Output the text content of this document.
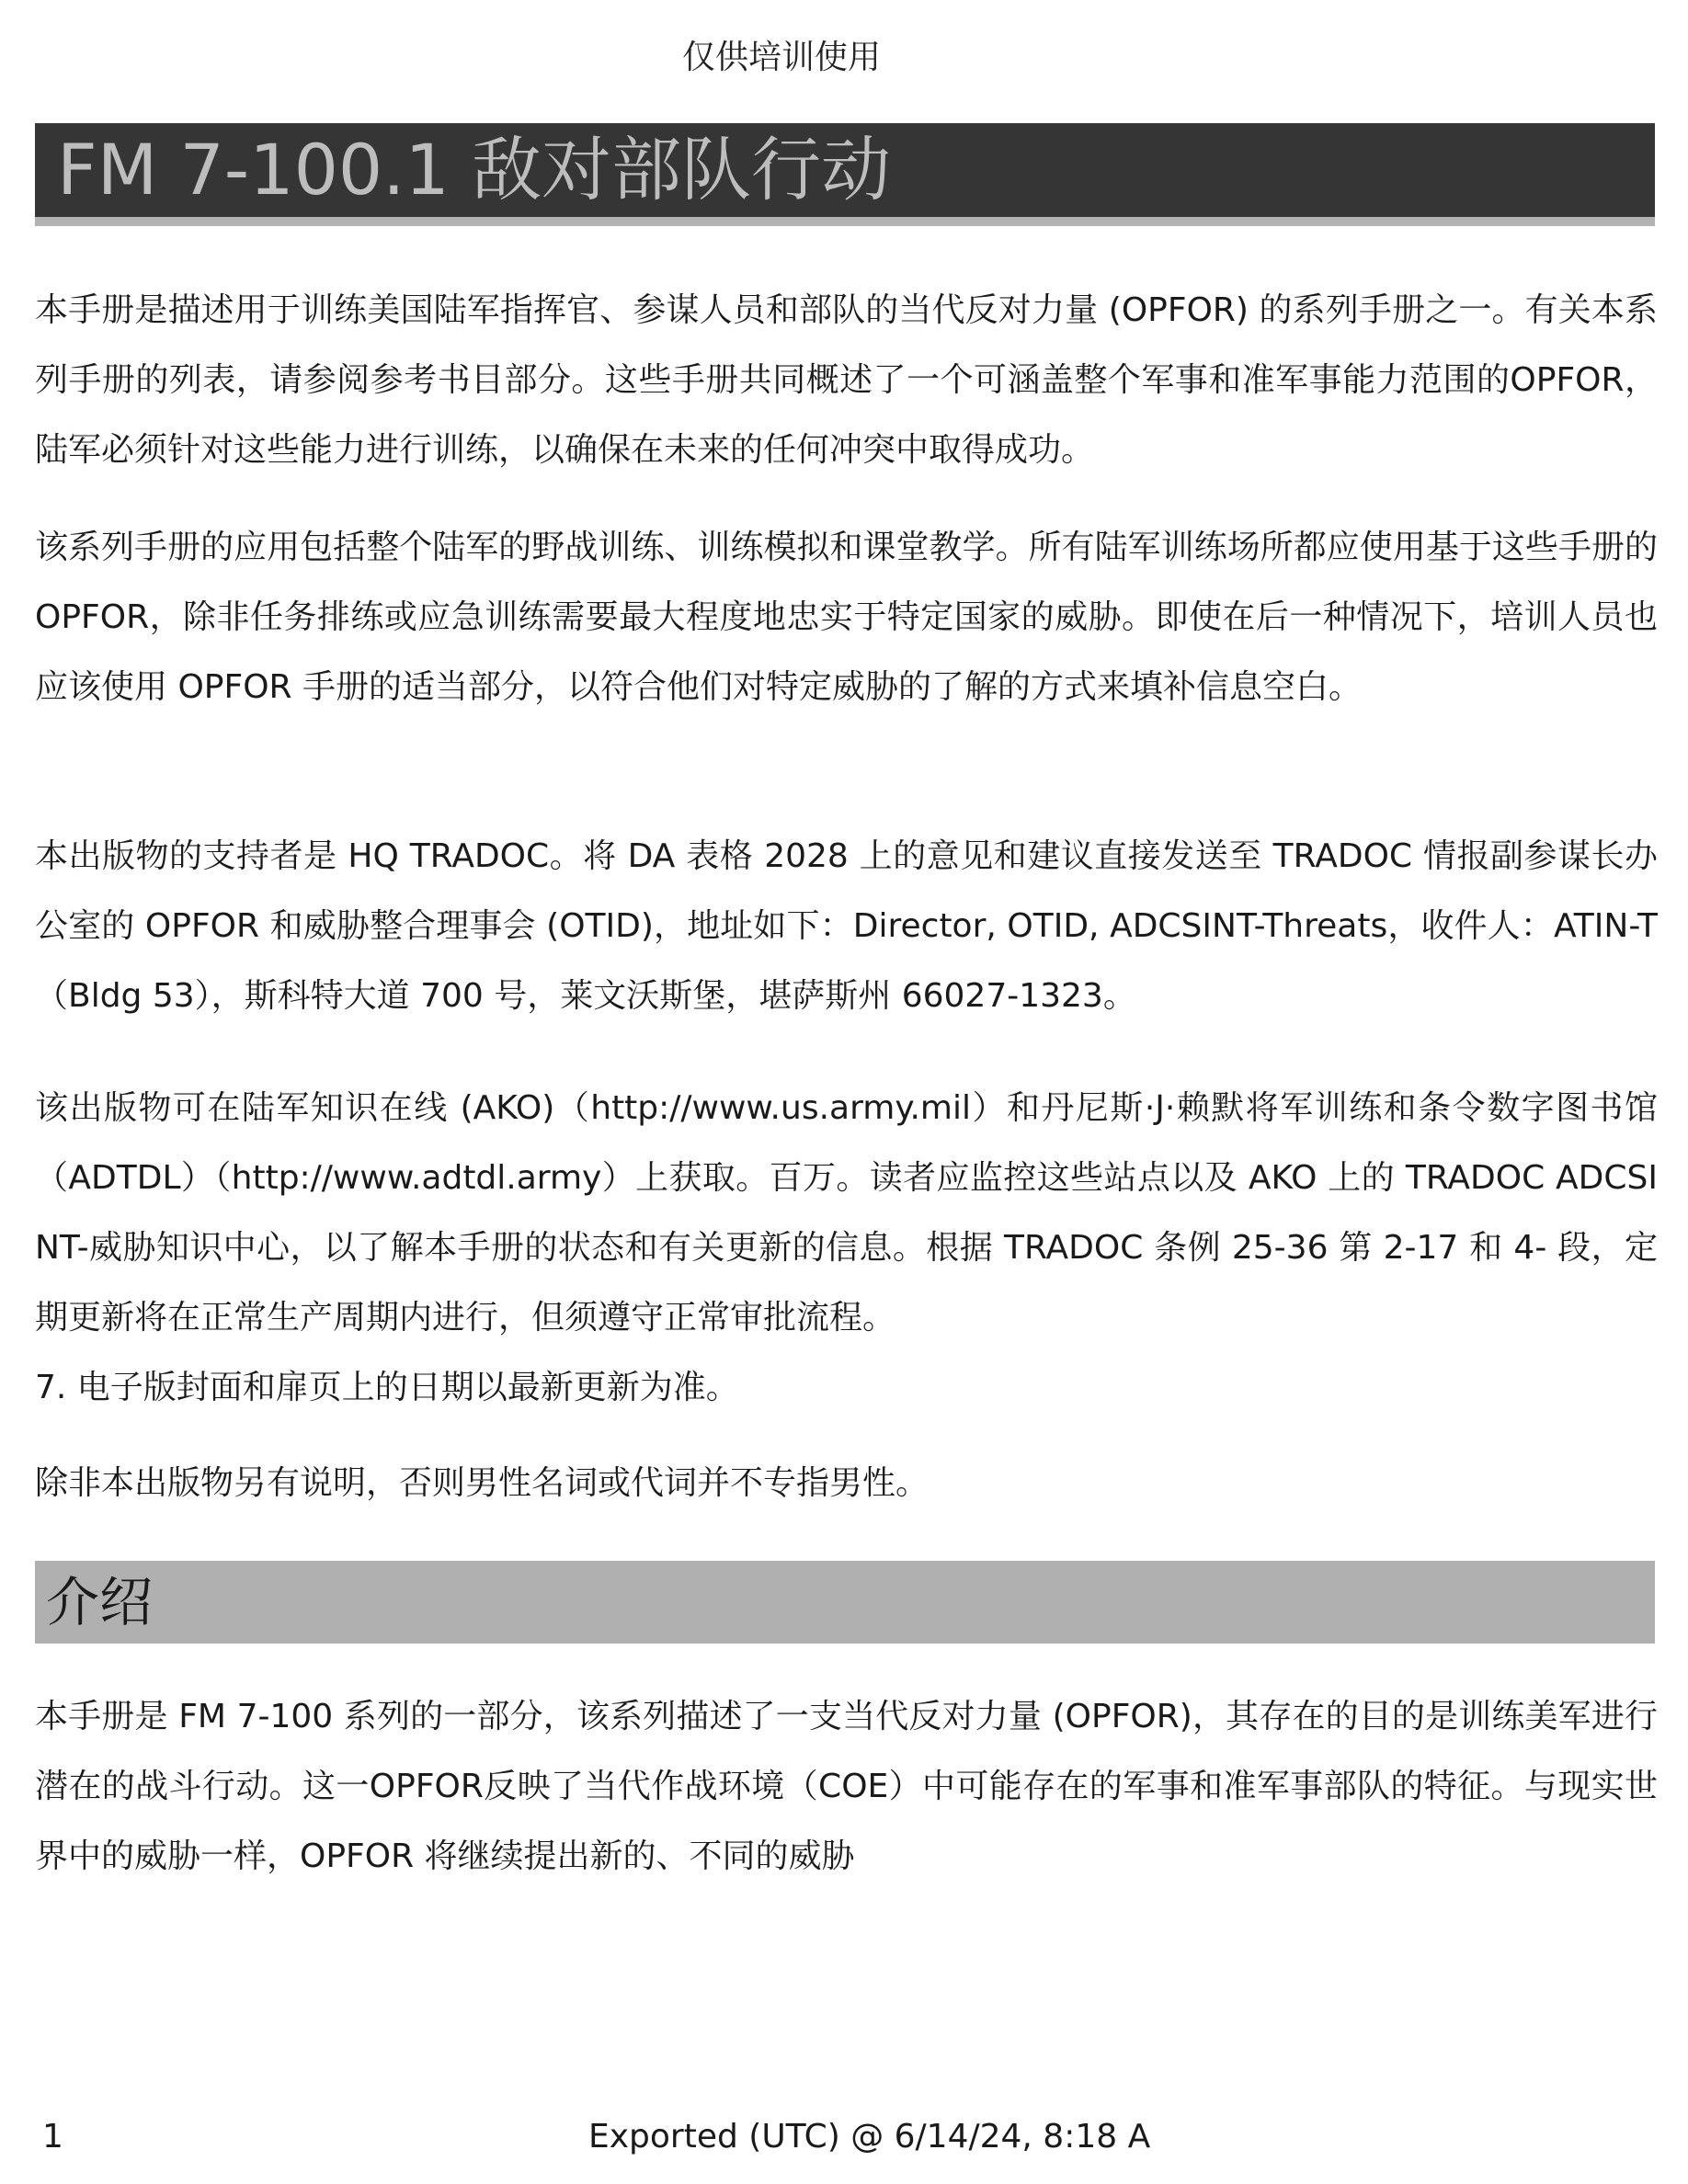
仅供培训使用
FM 7-100.1 敌对部队行动

本手册是描述用于训练美国陆军指挥官、参谋人员和部队的当代反对力量 (OPFOR) 的系列手册之一。有关本系列手册的列表，请参阅参考书目部分。这些手册共同概述了一个可涵盖整个军事和准军事能力范围的OPFOR，陆军必须针对这些能力进行训练，以确保在未来的任何冲突中取得成功。

该系列手册的应用包括整个陆军的野战训练、训练模拟和课堂教学。所有陆军训练场所都应使用基于这些手册的 OPFOR，除非任务排练或应急训练需要最大程度地忠实于特定国家的威胁。即使在后一种情况下，培训人员也应该使用 OPFOR 手册的适当部分，以符合他们对特定威胁的了解的方式来填补信息空白。

本出版物的支持者是 HQ TRADOC。将 DA 表格 2028 上的意见和建议直接发送至 TRADOC 情报副参谋长办公室的 OPFOR 和威胁整合理事会 (OTID)，地址如下：Director, OTID, ADCSINT-Threats，收件人：ATIN-T（Bldg 53），斯科特大道 700 号，莱文沃斯堡，堪萨斯州 66027-1323。

该出版物可在陆军知识在线 (AKO)（http://www.us.army.mil）和丹尼斯·J·赖默将军训练和条令数字图书馆（ADTDL）（http://www.adtdl.army）上获取。百万。读者应监控这些站点以及 AKO 上的 TRADOC ADCSINT-威胁知识中心，以了解本手册的状态和有关更新的信息。根据 TRADOC 条例 25-36 第 2-17 和 4- 段，定期更新将在正常生产周期内进行，但须遵守正常审批流程。

7. 电子版封面和扉页上的日期以最新更新为准。

除非本出版物另有说明，否则男性名词或代词并不专指男性。

介绍

本手册是 FM 7-100 系列的一部分，该系列描述了一支当代反对力量 (OPFOR)，其存在的目的是训练美军进行潜在的战斗行动。这一OPFOR反映了当代作战环境（COE）中可能存在的军事和准军事部队的特征。与现实世界中的威胁一样，OPFOR 将继续提出新的、不同的威胁

1	Exported (UTC) @ 6/14/24, 8:18 A
